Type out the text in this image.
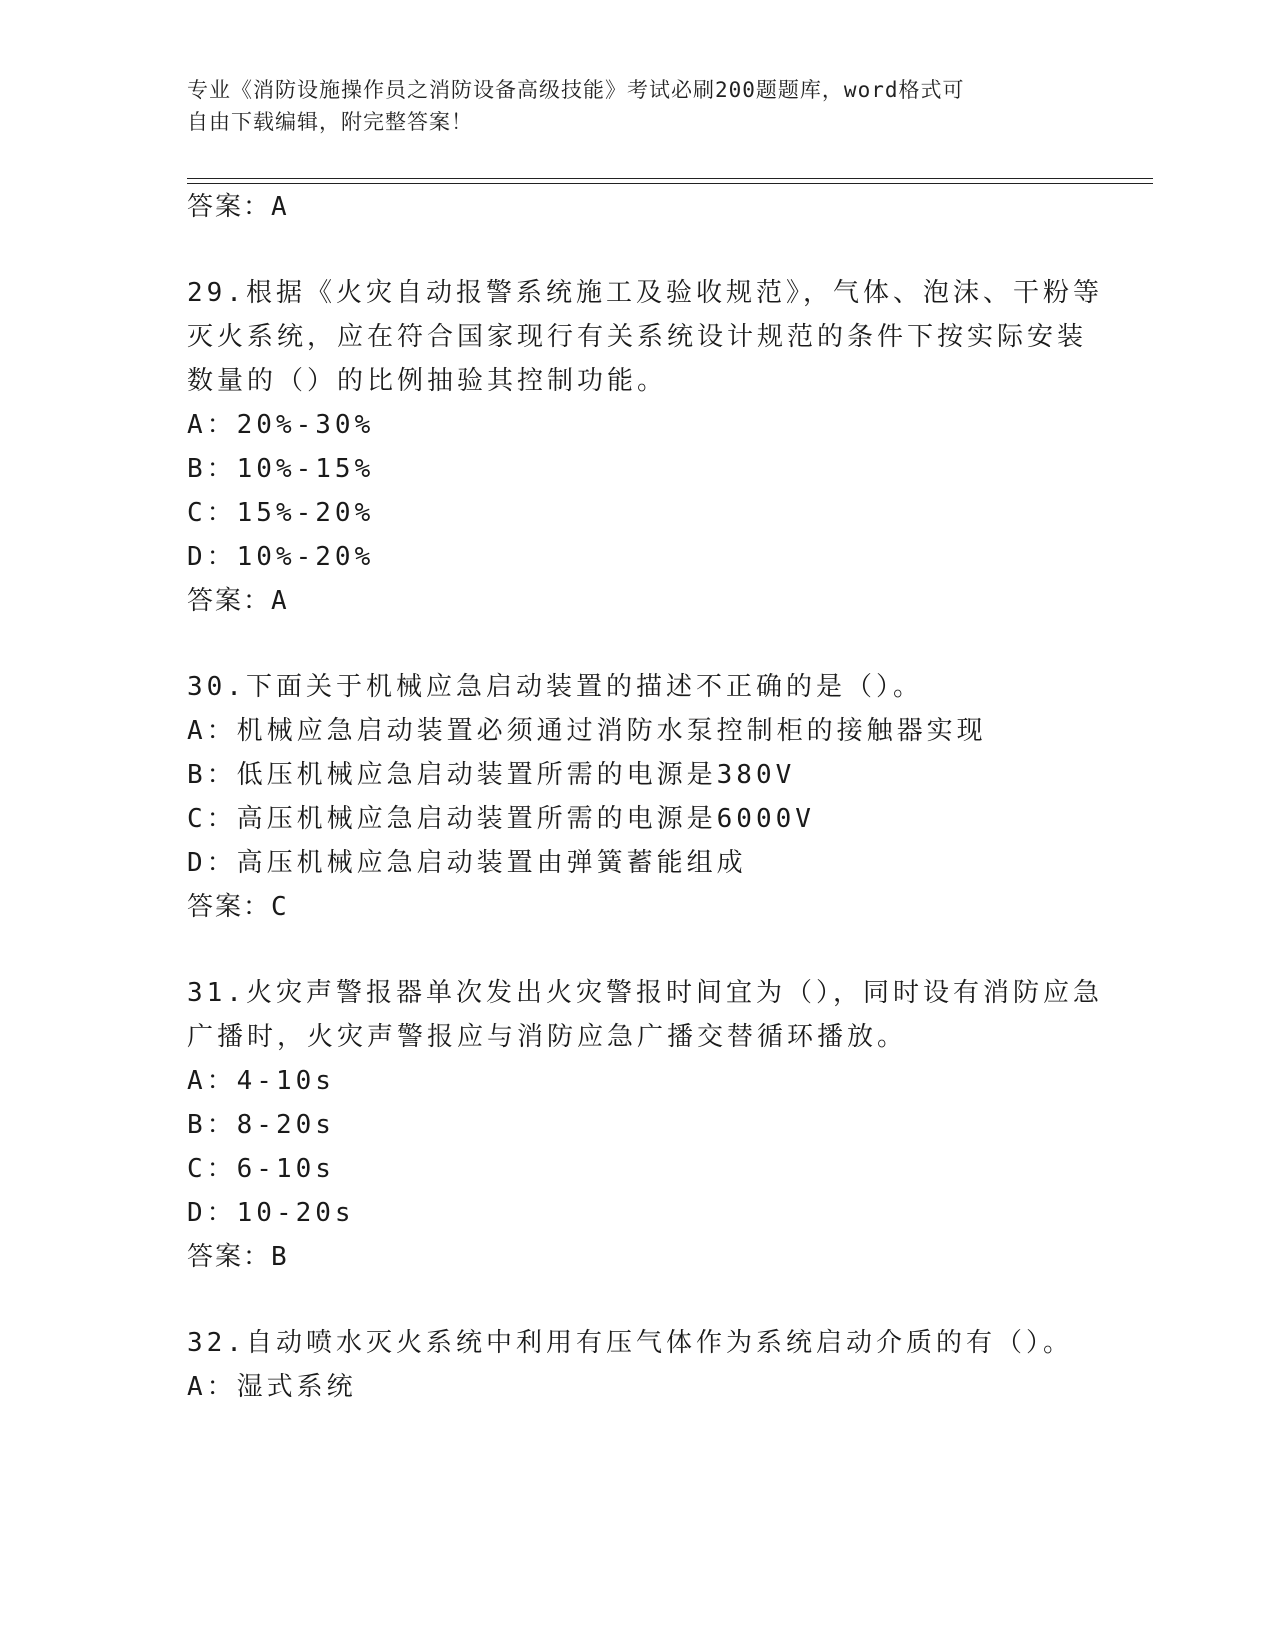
专业《消防设施操作员之消防设备高级技能》考试必刷200题题库，word格式可
自由下载编辑，附完整答案！
答案：A
29.根据《火灾自动报警系统施工及验收规范》，气体、泡沫、干粉等
灭火系统，应在符合国家现行有关系统设计规范的条件下按实际安装
数量的（）的比例抽验其控制功能。
A：20%-30%
B：10%-15%
C：15%-20%
D：10%-20%
答案：A
30.下面关于机械应急启动装置的描述不正确的是（）。
A：机械应急启动装置必须通过消防水泵控制柜的接触器实现
B：低压机械应急启动装置所需的电源是380V
C：高压机械应急启动装置所需的电源是6000V
D：高压机械应急启动装置由弹簧蓄能组成
答案：C
31.火灾声警报器单次发出火灾警报时间宜为（），同时设有消防应急
广播时，火灾声警报应与消防应急广播交替循环播放。
A：4-10s
B：8-20s
C：6-10s
D：10-20s
答案：B
32.自动喷水灭火系统中利用有压气体作为系统启动介质的有（）。
A：湿式系统
